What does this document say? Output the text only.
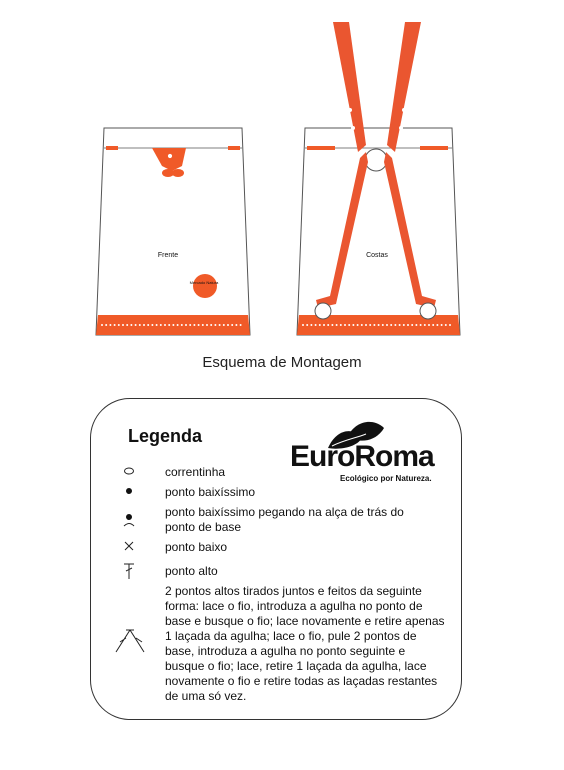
Mercado Natura
Frente	Costas
Esquema de Montagem
Legenda
EuroRoma
Ecológico por Natureza.
correntinha
ponto baixíssimo
ponto baixíssimo pegando na alça de trás do ponto de base
ponto baixo
ponto alto
2 pontos altos tirados juntos e feitos da seguinte forma: lace o fio, introduza a agulha no ponto de base e busque o fio; lace novamente e retire apenas 1 laçada da agulha; lace o fio, pule 2 pontos de base, introduza a agulha no ponto seguinte e busque o fio; lace, retire 1 laçada da agulha, lace novamente o fio e retire todas as laçadas restantes de uma só vez.
